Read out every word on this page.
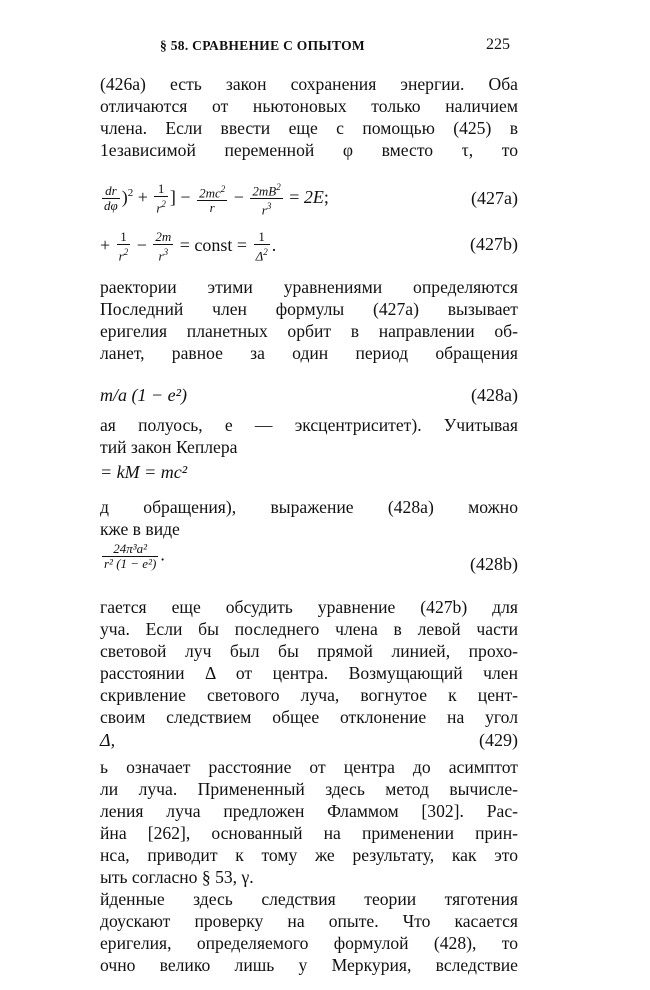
§ 58. СРАВНЕНИЕ С ОПЫТОМ	225
(426а) есть закон сохранения энергии. Оба
отличаются от ньютоновых только наличием
члена. Если ввести еще с помощью (425) в
1езависимой переменной φ вместо τ, то
$\frac{dr}{d\varphi} )^2 + \frac{1}{r^2}$ ] − $\frac{2mc^2}{r} - \frac{2mB^2}{r^3} = 2E$;	(427a)
+ $\frac{1}{r^2} - \frac{2m}{r^3}$ = const = $\frac{1}{\Delta^2}$ .	(427b)
раектории этими уравнениями определяются
Последний член формулы (427а) вызывает
еригелия планетных орбит в направлении об-
ланет, равное за один период обращения
m/a (1 − e²)	(428a)
ая полуось, e — эксцентриситет). Учитывая
тий закон Кеплера
= kM = mc²
д обращения), выражение (428а) можно
кже в виде
$\frac{\text{24π³a²}}{\text{r² (1 − e²)}}$ .	(428b)
гается еще обсудить уравнение (427b) для
уча. Если бы последнего члена в левой части
световой луч был бы прямой линией, прохо-
расстоянии Δ от центра. Возмущающий член
скривление светового луча, вогнутое к цент-
своим следствием общее отклонение на угол
Δ,	(429)
ь означает расстояние от центра до асимптот
ли луча. Примененный здесь метод вычисле-
ления луча предложен Фламмом [302]. Рас-
йна [262], основанный на применении прин-
нса, приводит к тому же результату, как это
ыть согласно § 53, γ.
йденные здесь следствия теории тяготения
доускают проверку на опыте. Что касается
еригелия, определяемого формулой (428), то
очно велико лишь у Меркурия, вследствие
